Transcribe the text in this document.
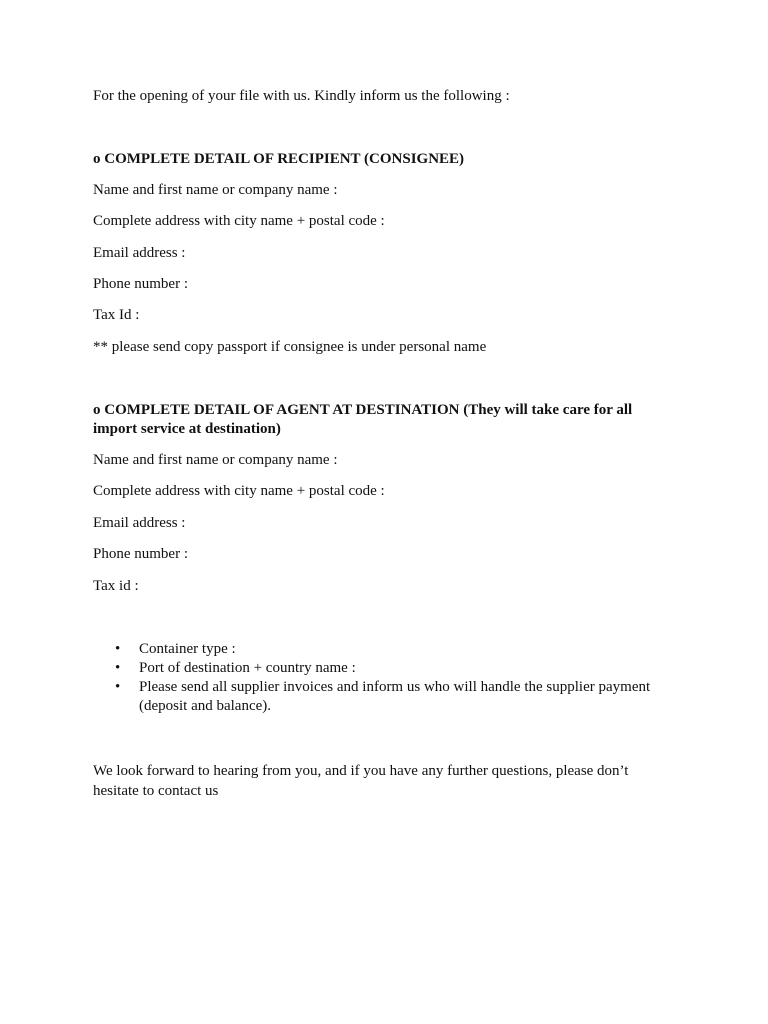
For the opening of your file with us. Kindly inform us the following :

o COMPLETE DETAIL OF RECIPIENT (CONSIGNEE)

Name and first name or company name :

Complete address with city name + postal code :

Email address :

Phone number :

Tax Id :

** please send copy passport if consignee is under personal name

o COMPLETE DETAIL OF AGENT AT DESTINATION (They will take care for all import service at destination)

Name and first name or company name :

Complete address with city name + postal code :

Email address :

Phone number :

Tax id :

• Container type :
• Port of destination + country name :
• Please send all supplier invoices and inform us who will handle the supplier payment (deposit and balance).

We look forward to hearing from you, and if you have any further questions, please don’t hesitate to contact us
